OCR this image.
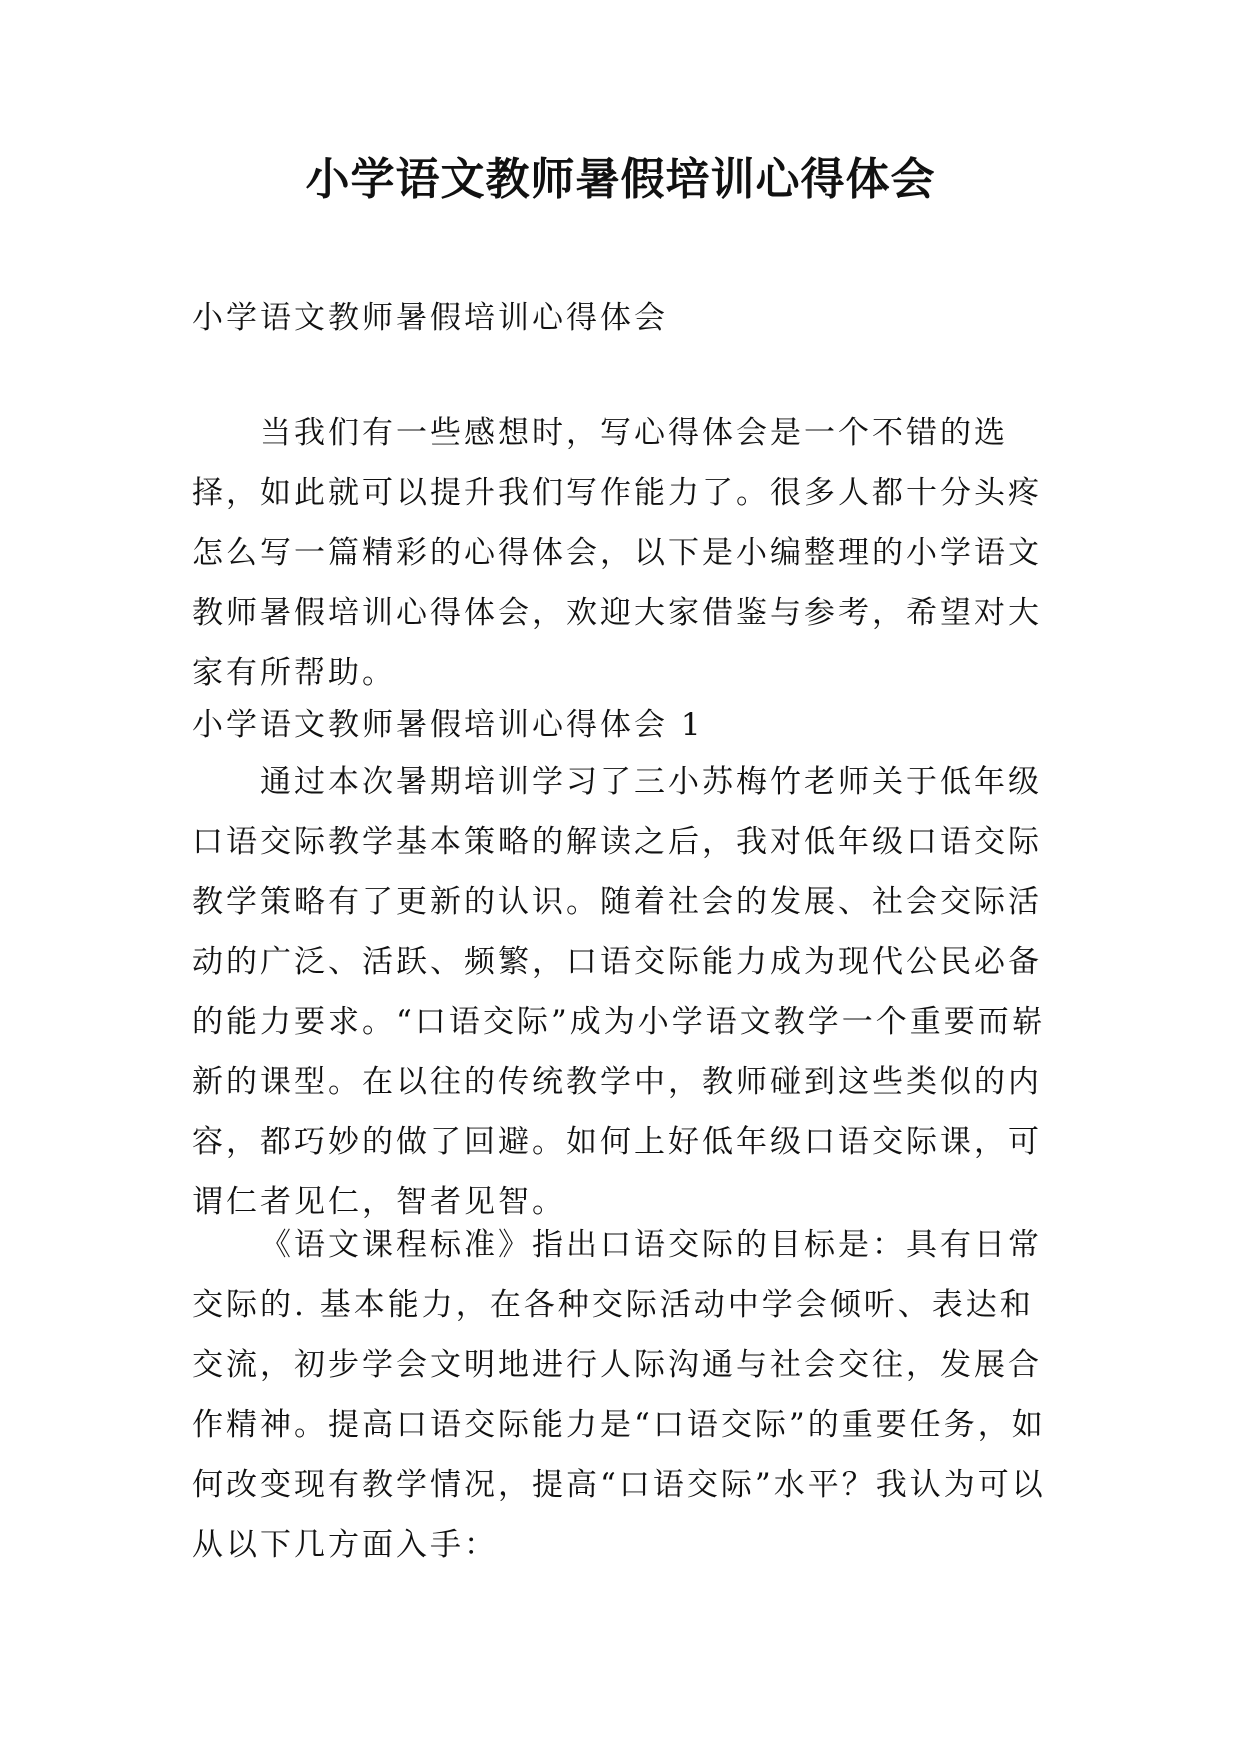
小学语文教师暑假培训心得体会
小学语文教师暑假培训心得体会
当我们有一些感想时，写心得体会是一个不错的选择，如此就可以提升我们写作能力了。很多人都十分头疼怎么写一篇精彩的心得体会，以下是小编整理的小学语文教师暑假培训心得体会，欢迎大家借鉴与参考，希望对大家有所帮助。
小学语文教师暑假培训心得体会 1
通过本次暑期培训学习了三小苏梅竹老师关于低年级口语交际教学基本策略的解读之后，我对低年级口语交际教学策略有了更新的认识。随着社会的发展、社会交际活动的广泛、活跃、频繁，口语交际能力成为现代公民必备的能力要求。“口语交际”成为小学语文教学一个重要而崭新的课型。在以往的传统教学中，教师碰到这些类似的内容，都巧妙的做了回避。如何上好低年级口语交际课，可谓仁者见仁，智者见智。
《语文课程标准》指出口语交际的目标是：具有日常交际的. 基本能力，在各种交际活动中学会倾听、表达和交流，初步学会文明地进行人际沟通与社会交往，发展合作精神。提高口语交际能力是“口语交际”的重要任务，如何改变现有教学情况，提高“口语交际”水平？我认为可以从以下几方面入手：
